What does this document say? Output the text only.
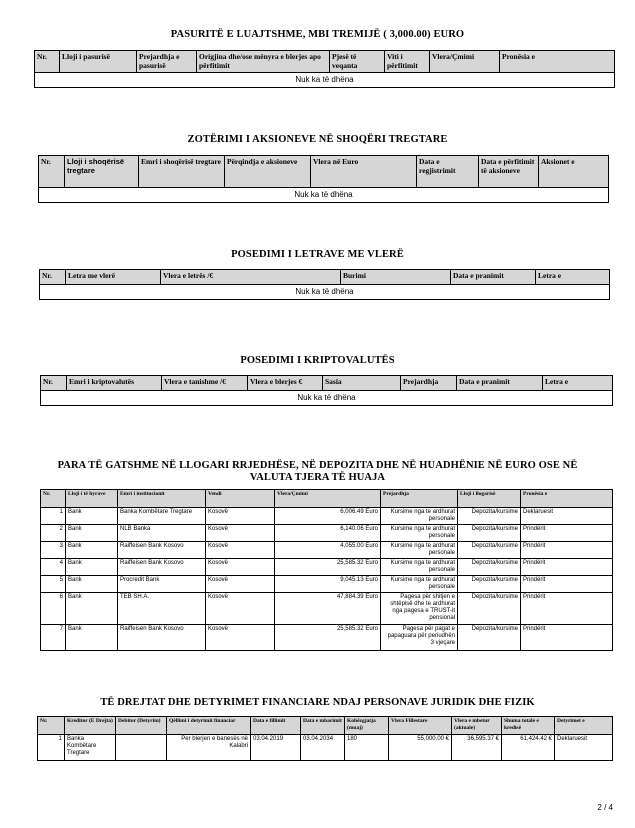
PASURITË E LUAJTSHME, MBI TREMIJË ( 3,000.00) EURO
Nr.	Lloji i pasurisë	Prejardhja e pasurisë	Origjina dhe/ose mënyra e blerjes apo përfitimit	Pjesë të veqanta	Viti i përfitimit	Vlera/Çmimi	Pronësia e
Nuk ka të dhëna
ZOTËRIMI I AKSIONEVE NË SHOQËRI TREGTARE
Nr.	Lloji i shoqërisë tregtare	Emri i shoqërisë tregtare	Përqindja e aksioneve	Vlera në Euro	Data e regjistrimit	Data e përfitimit të aksioneve	Aksionet e
Nuk ka të dhëna
POSEDIMI I LETRAVE ME VLERË
Nr.	Letra me vlerë	Vlera e letrës /€	Burimi	Data e pranimit	Letra e
Nuk ka të dhëna
POSEDIMI I KRIPTOVALUTËS
Nr.	Emri i kriptovalutës	Vlera e tanishme /€	Vlera e blerjes €	Sasia	Prejardhja	Data e pranimit	Letra e
Nuk ka të dhëna
PARA TË GATSHME NË LLOGARI RRJEDHËSE, NË DEPOZITA DHE NË HUADHËNIE NË EURO OSE NË
VALUTA TJERA TË HUAJA
Nr.	Lloji i të hyrave	Emri i institucionit	Vendi	Vlera/Çmimi	Prejardhja	Lloji i llogarisë	Pronësia e
1	Bank	Banka Kombëtare Tregtare	Kosovë	6,006.49 Euro	Kursime nga te ardhurat personale	Depozita/kursime	Deklaruesit
2	Bank	NLB Banka	Kosovë	6,140.06 Euro	Kursime nga te ardhurat personale	Depozita/kursime	Prindërit
3	Bank	Raiffeisen Bank Kosovo	Kosovë	4,055.00 Euro	Kursime nga te ardhurat personale	Depozita/kursime	Prindërit
4	Bank	Raiffeisen Bank Kosovo	Kosovë	25,585.32 Euro	Kursime nga te ardhurat personale	Depozita/kursime	Prindërit
5	Bank	Procredit Bank	Kosovë	9,045.13 Euro	Kursime nga te ardhurat personale	Depozita/kursime	Prindërit
6	Bank	TEB SH.A.	Kosovë	47,884.39 Euro	Pagesa për shitjen e shtëpisë dhe te ardhurat nga pagesa e TRUST-it pensional	Depozita/kursime	Prindërit
7	Bank	Raiffeisen Bank Kosovo	Kosovë	25,585.32 Euro	Pagesa për pagat e papaguara për periudhën 3 vjeçare	Depozita/kursime	Prindërit
TË DREJTAT DHE DETYRIMET FINANCIARE NDAJ PERSONAVE JURIDIK DHE FIZIK
Nr.	Kreditor (E Drejta)	Debitor (Detyrim)	Qëllimi i detyrimit financiar	Data e fillimit	Data e mbarimit	Kohëzgjatja (muaj)	Vlera Fillestare	Vlera e mbetur (aktuale)	Shuma totale e kredisë	Detyrimet e
1	Banka Kombëtare Tregtare		Per blerjen e banesës në Kalabri	03.04.2019	03.04.2034	180	55,000.00 €	36,595.37 €	61,424.42 €	Deklaruesit
2 / 4
